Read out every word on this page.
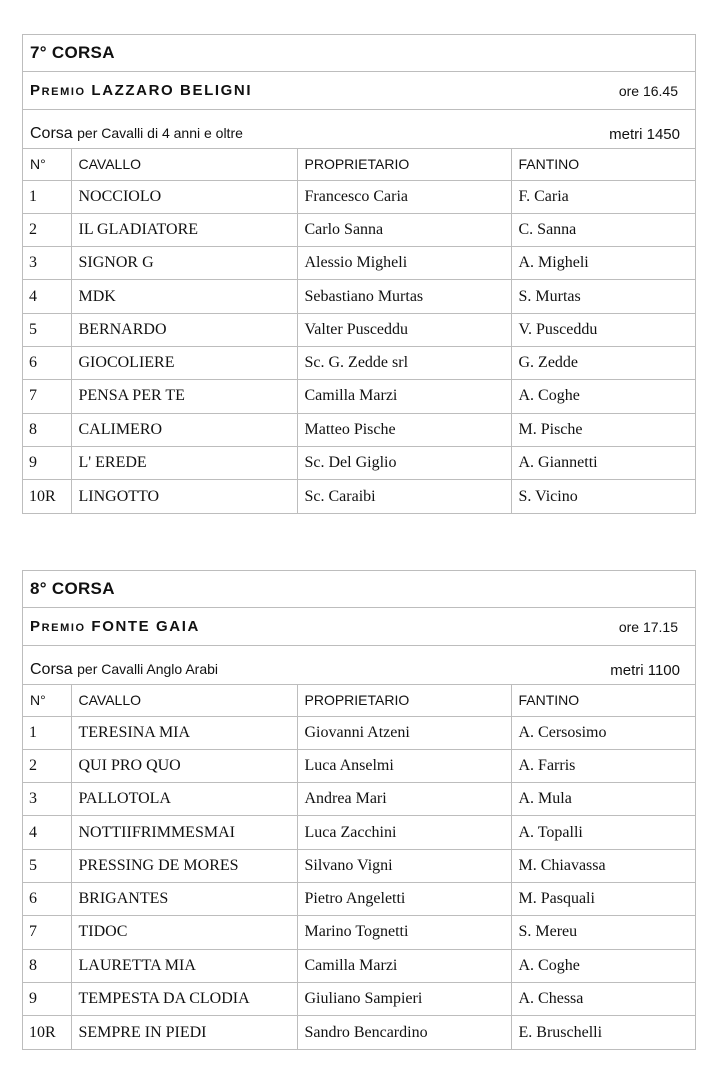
7° CORSA
Premio LAZZARO BELIGNI	ore 16.45
Corsa per Cavalli di 4 anni e oltre	metri 1450
N°	CAVALLO	PROPRIETARIO	FANTINO
1	NOCCIOLO	Francesco Caria	F. Caria
2	IL GLADIATORE	Carlo Sanna	C. Sanna
3	SIGNOR G	Alessio Migheli	A. Migheli
4	MDK	Sebastiano Murtas	S. Murtas
5	BERNARDO	Valter Pusceddu	V. Pusceddu
6	GIOCOLIERE	Sc. G. Zedde srl	G. Zedde
7	PENSA PER TE	Camilla Marzi	A. Coghe
8	CALIMERO	Matteo Pische	M. Pische
9	L' EREDE	Sc. Del Giglio	A. Giannetti
10R	LINGOTTO	Sc. Caraibi	S. Vicino
8° CORSA
Premio FONTE GAIA	ore 17.15
Corsa per Cavalli Anglo Arabi	metri 1100
N°	CAVALLO	PROPRIETARIO	FANTINO
1	TERESINA MIA	Giovanni Atzeni	A. Cersosimo
2	QUI PRO QUO	Luca Anselmi	A. Farris
3	PALLOTOLA	Andrea Mari	A. Mula
4	NOTTIIFRIMMESMAI	Luca Zacchini	A. Topalli
5	PRESSING DE MORES	Silvano Vigni	M. Chiavassa
6	BRIGANTES	Pietro Angeletti	M. Pasquali
7	TIDOC	Marino Tognetti	S. Mereu
8	LAURETTA MIA	Camilla Marzi	A. Coghe
9	TEMPESTA DA CLODIA	Giuliano Sampieri	A. Chessa
10R	SEMPRE IN PIEDI	Sandro Bencardino	E. Bruschelli
